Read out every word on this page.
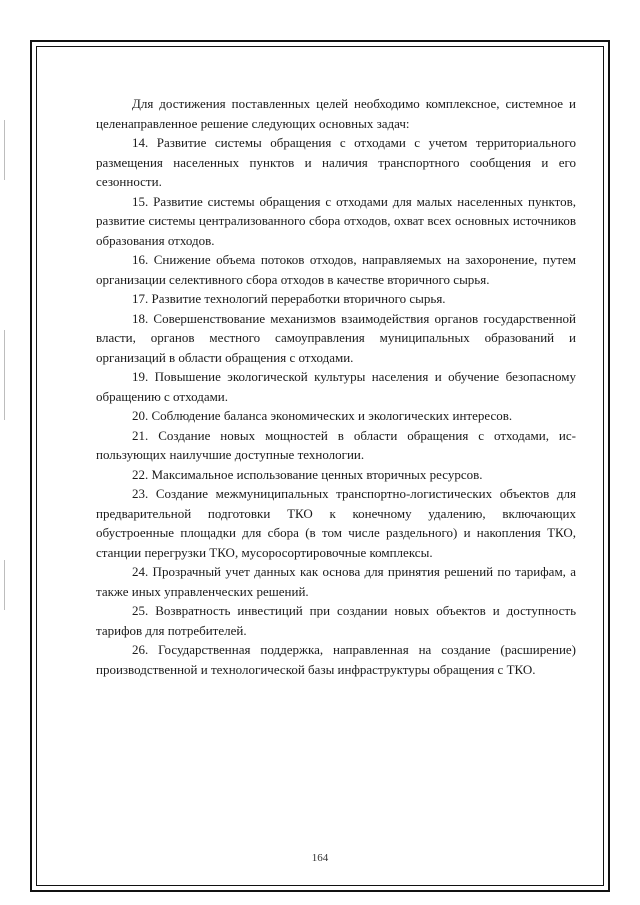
Для достижения поставленных целей необходимо комплексное, системное и целенаправленное решение следующих основных задач:

14. Развитие системы обращения с отходами с учетом территориального размещения населенных пунктов и наличия транспортного сообщения и его сезонности.

15. Развитие системы обращения с отходами для малых населенных пунктов, развитие системы централизованного сбора отходов, охват всех основных источников образования отходов.

16. Снижение объема потоков отходов, направляемых на захоронение, путем организации селективного сбора отходов в качестве вторичного сырья.

17. Развитие технологий переработки вторичного сырья.

18. Совершенствование механизмов взаимодействия органов государственной власти, органов местного самоуправления муниципальных образований и организаций в области обращения с отходами.

19. Повышение экологической культуры населения и обучение безопасному обращению с отходами.

20. Соблюдение баланса экономических и экологических интересов.

21. Создание новых мощностей в области обращения с отходами, использующих наилучшие доступные технологии.

22. Максимальное использование ценных вторичных ресурсов.

23. Создание межмуниципальных транспортно-логистических объектов для предварительной подготовки ТКО к конечному удалению, включающих обустроенные площадки для сбора (в том числе раздельного) и накопления ТКО, станции перегрузки ТКО, мусоросортировочные комплексы.

24. Прозрачный учет данных как основа для принятия решений по тарифам, а также иных управленческих решений.

25. Возвратность инвестиций при создании новых объектов и доступность тарифов для потребителей.

26. Государственная поддержка, направленная на создание (расширение) производственной и технологической базы инфраструктуры обращения с ТКО.

164
